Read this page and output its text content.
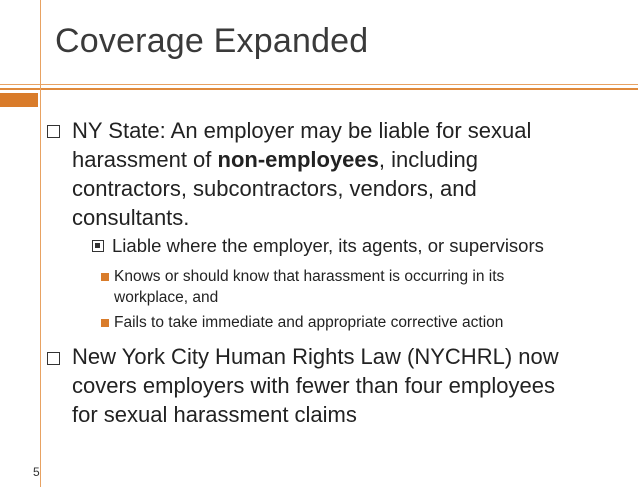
Coverage Expanded
NY State: An employer may be liable for sexual
harassment of non-employees, including
contractors, subcontractors, vendors, and
consultants.
Liable where the employer, its agents, or supervisors
Knows or should know that harassment is occurring in its
workplace, and
Fails to take immediate and appropriate corrective action
New York City Human Rights Law (NYCHRL) now
covers employers with fewer than four employees
for sexual harassment claims
5
